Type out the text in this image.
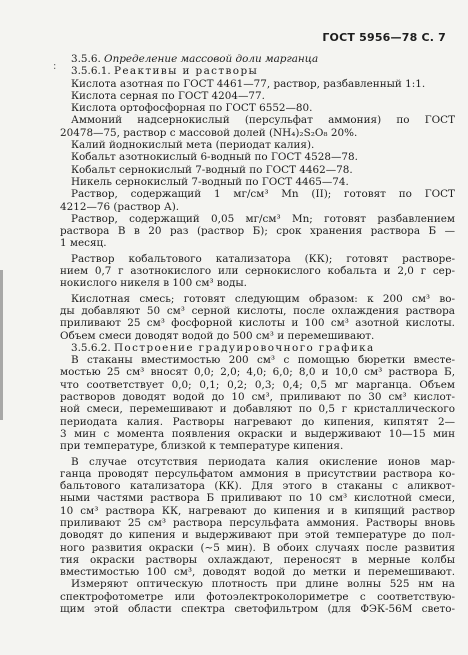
ГОСТ 5956—78 С. 7
:
3.5.6. Определение массовой доли марганца
3.5.6.1. Реактивы и растворы
Кислота азотная по ГОСТ 4461—77, раствор, разбавленный 1:1.
Кислота серная по ГОСТ 4204—77.
Кислота ортофосфорная по ГОСТ 6552—80.
Аммоний надсернокислый (персульфат аммония) по ГОСТ
20478—75, раствор с массовой долей (NH₄)₂S₂O₈ 20%.
Калий йоднокислый мета (периодат калия).
Кобальт азотнокислый 6-водный по ГОСТ 4528—78.
Кобальт сернокислый 7-водный по ГОСТ 4462—78.
Никель сернокислый 7-водный по ГОСТ 4465—74.
Раствор, содержащий 1 мг/см³ Mn (II); готовят по ГОСТ
4212—76 (раствор А).
Раствор, содержащий 0,05 мг/см³ Mn; готовят разбавлением
раствора В в 20 раз (раствор Б); срок хранения раствора Б —
1 месяц.
Раствор кобальтового катализатора (КК); готовят растворе-
нием 0,7 г азотнокислого или сернокислого кобальта и 2,0 г сер-
нокислого никеля в 100 см³ воды.
Кислотная смесь; готовят следующим образом: к 200 см³ во-
ды добавляют 50 см³ серной кислоты, после охлаждения раствора
приливают 25 см³ фосфорной кислоты и 100 см³ азотной кислоты.
Объем смеси доводят водой до 500 см³ и перемешивают.
3.5.6.2. Построение градуировочного графика
В стаканы вместимостью 200 см³ с помощью бюретки вместе-
мостью 25 см³ вносят 0,0; 2,0; 4,0; 6,0; 8,0 и 10,0 см³ раствора Б,
что соответствует 0,0; 0,1; 0,2; 0,3; 0,4; 0,5 мг марганца. Объем
растворов доводят водой до 10 см³, приливают по 30 см³ кислот-
ной смеси, перемешивают и добавляют по 0,5 г кристаллического
периодата калия. Растворы нагревают до кипения, кипятят 2—
3 мин с момента появления окраски и выдерживают 10—15 мин
при температуре, близкой к температуре кипения.
В случае отсутствия периодата калия окисление ионов мар-
ганца проводят персульфатом аммония в присутствии раствора ко-
бальтового катализатора (КК). Для этого в стаканы с аликвот-
ными частями раствора Б приливают по 10 см³ кислотной смеси,
10 см³ раствора КК, нагревают до кипения и в кипящий раствор
приливают 25 см³ раствора персульфата аммония. Растворы вновь
доводят до кипения и выдерживают при этой температуре до пол-
ного развития окраски (∼5 мин). В обоих случаях после развития
тия окраски растворы охлаждают, переносят в мерные колбы
вместимостью 100 см³, доводят водой до метки и перемешивают.
Измеряют оптическую плотность при длине волны 525 нм на
спектрофотометре или фотоэлектроколориметре с соответствую-
щим этой области спектра светофильтром (для ФЭК-56М свето-
